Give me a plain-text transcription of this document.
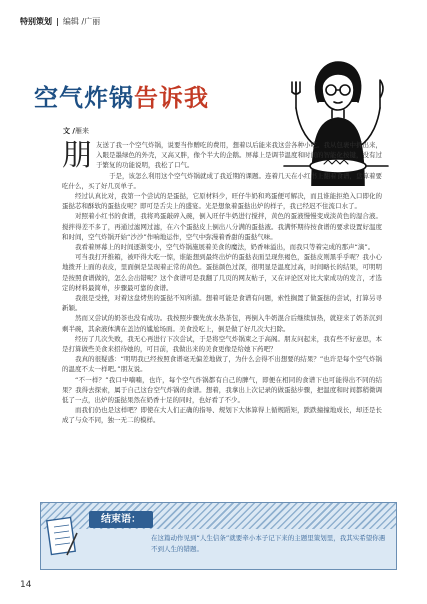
特别策划 | 编辑 /广丽
空气炸锅告诉我
文 /雁来

朋友送了我一个空气炸锅，说要当作赠吃的费用，想着以后能来我这尝各种小吃。我从包裹中拆出来，入眼是墨绿色的外壳，又高又胖，像个半大的企鹅。屏幕上是调节温度和时间的智能化按键，没有过于繁复的功能说明，我松了口气。

于是，该怎么利用这个空气炸锅就成了我近期的课题。连着几天在小红书上翻着食谱，盘算着要吃什么，买了好几页单子。

经过认真比对，我第一个尝试的是蛋挞，它原材料少，旺仔牛奶和鸡蛋便可解决，而且谁能拒绝入口即化的蛋挞芯和酥软的蛋挞皮呢？即可是舌尖上的盛宴。光是想象着蛋挞出炉的样子，我已经迟不住流口水了。

对照着小红书的食谱，我将鸡蛋敲碎入碗，倒入旺仔牛奶进行搅拌，黄色的蛋液慢慢变成淡黄色的湿合液。搅拌得差不多了，再通过滤网过滤，在六个蛋挞皮上倒出八分满的蛋挞液。我满怀期待按食谱的要求设置好温度和时间，空气炸锅开始“沙沙”作响地运作，空气中弥漫着香甜的蛋挞气味。

我看着屏幕上的时间逐渐变小，空气炸锅施展着美食的魔法，奶香味溢出，而我只等着完成的那声“滴”。

可当我打开推箱，被吓得大吃一惊，谁能想到最终出炉的蛋挞表面呈现焦褐色，蛋挞皮则黑乎乎呢？我小心地拨开上面的表皮，里面倒是呈现着正常的黄色。蛋挞颜色过深，很明显是温度过高，时间略长的结果，可明明是按照食谱做的，怎么会出错呢？这个食谱可是我翻了几页的网友帖子，又在评论区对比大家成功的发言，才选定的材料最简单，步骤最可靠的食谱。

我很是受挫，对着这盘烤焦的蛋挞不知所措。想着可能是食谱有问题，索性搁置了做蛋挞的尝试，打算另寻新颖。

然而又尝试的奶茶也没有成功。我按照步骤先放水热茶包，再倒入牛奶混合后继续加热，就迎来了奶茶沉到剩半碗，其余液体满在盖边的尴尬场面。美食没吃上，倒是做了好几次大扫除。

经历了几次失败，我无心再进行下次尝试，于是将空气炸锅束之于高阁。朋友问起来，我有些不好意思，本是打算做些美食来招待她的，可目前，我做出来的美食更像是给她下药吧？

我真的很疑惑：“明明我已经按照食谱毫无偏差地做了，为什么会得不出想要的结果？”也许是每个空气炸锅的温度不太一样吧。”朋友说。

“不一样？”我口中喃喃，也许，每个空气炸锅都有自己的脾气，即便在相同的食谱下也可能得出不同的结果？我得去探索，属于自己这台空气炸锅的食谱。想着，我拿出上次记录的做蛋挞步骤，把温度和时间都稍微调低了一点，出炉的蛋挞果然在奶香十足的同时，也好看了不少。

而我们仍也是这样吧？即使在大人们正确的指导、规划下大体算得上循规蹈矩，跌跌撞撞地成长，却还是长成了与众不同，独一无二的模样。

结束语：
在这篇动作见到“人生信条”就要牵小本子记下来的主题里策划里，我其实希望你遇不到人生的错题。
14
